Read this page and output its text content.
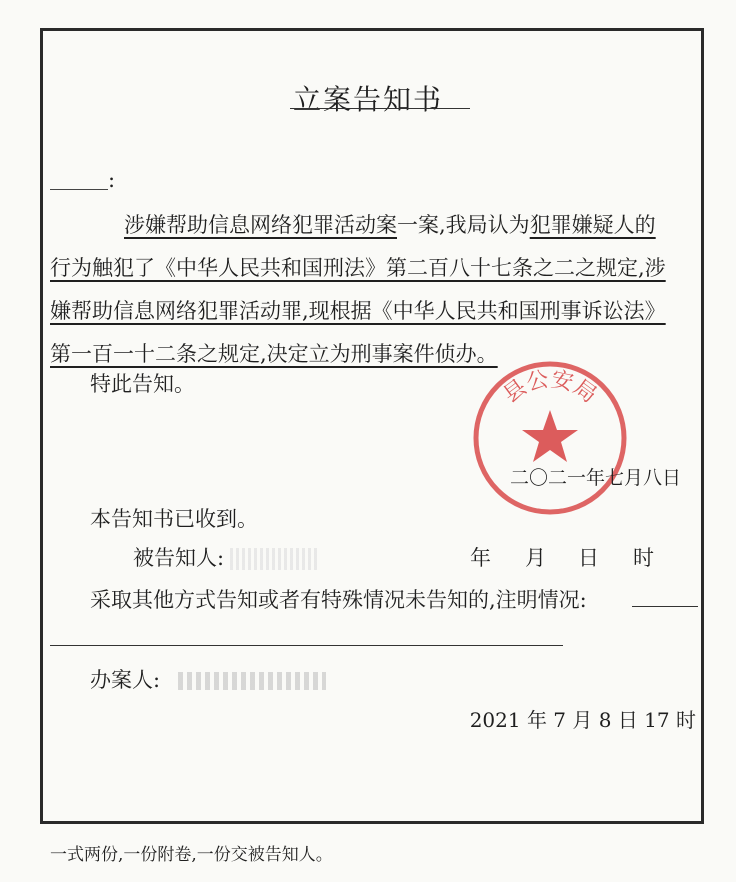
立案告知书
:
涉嫌帮助信息网络犯罪活动案一案,我局认为犯罪嫌疑人的
行为触犯了《中华人民共和国刑法》第二百八十七条之二之规定,涉
嫌帮助信息网络犯罪活动罪,现根据《中华人民共和国刑事诉讼法》
第一百一十二条之规定,决定立为刑事案件侦办。
特此告知。	县公安局
二〇二一年七月八日
本告知书已收到。
被告知人:	年 月 日 时
采取其他方式告知或者有特殊情况未告知的,注明情况:
办案人:
2021 年 7 月 8 日 17 时
一式两份,一份附卷,一份交被告知人。
